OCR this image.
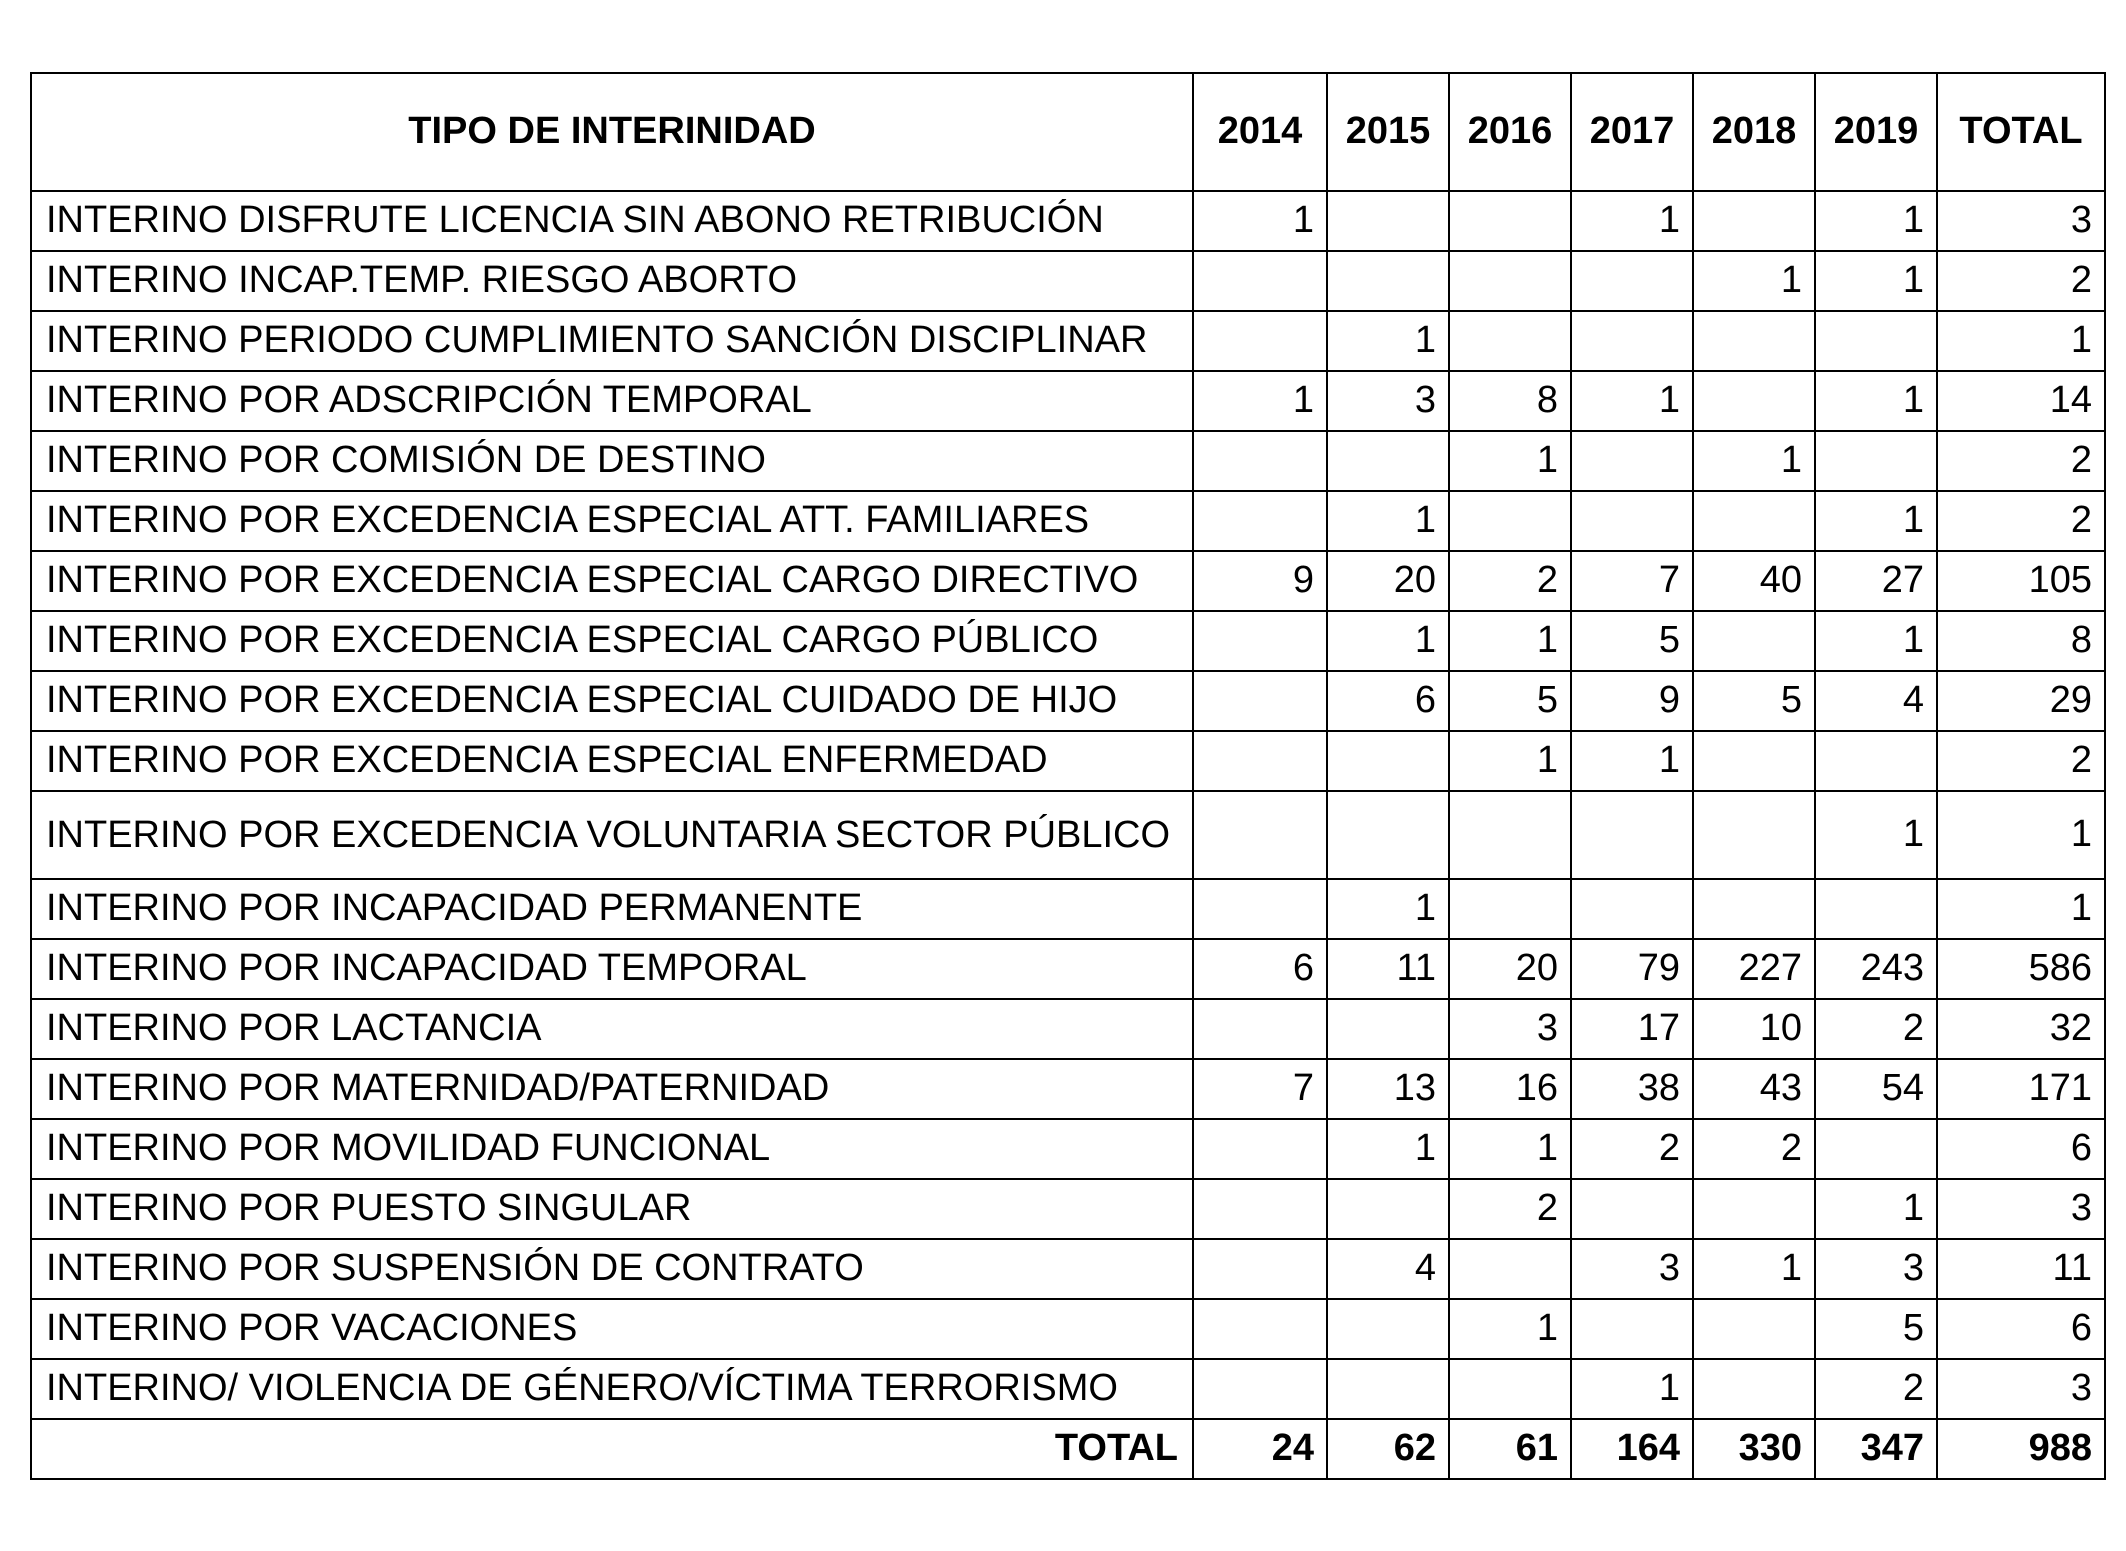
TIPO DE INTERINIDAD	2014	2015	2016	2017	2018	2019	TOTAL
INTERINO DISFRUTE LICENCIA SIN ABONO RETRIBUCIÓN	1			1		1	3
INTERINO INCAP.TEMP. RIESGO ABORTO					1	1	2
INTERINO PERIODO CUMPLIMIENTO SANCIÓN DISCIPLINAR		1					1
INTERINO POR ADSCRIPCIÓN TEMPORAL	1	3	8	1		1	14
INTERINO POR COMISIÓN DE DESTINO			1		1		2
INTERINO POR EXCEDENCIA ESPECIAL ATT. FAMILIARES		1				1	2
INTERINO POR EXCEDENCIA ESPECIAL CARGO DIRECTIVO	9	20	2	7	40	27	105
INTERINO POR EXCEDENCIA ESPECIAL CARGO PÚBLICO		1	1	5		1	8
INTERINO POR EXCEDENCIA ESPECIAL CUIDADO DE HIJO		6	5	9	5	4	29
INTERINO POR EXCEDENCIA ESPECIAL ENFERMEDAD			1	1			2
INTERINO POR EXCEDENCIA VOLUNTARIA SECTOR PÚBLICO						1	1
INTERINO POR INCAPACIDAD PERMANENTE		1					1
INTERINO POR INCAPACIDAD TEMPORAL	6	11	20	79	227	243	586
INTERINO POR LACTANCIA			3	17	10	2	32
INTERINO POR MATERNIDAD/PATERNIDAD	7	13	16	38	43	54	171
INTERINO POR MOVILIDAD FUNCIONAL		1	1	2	2		6
INTERINO POR PUESTO SINGULAR			2			1	3
INTERINO POR SUSPENSIÓN DE CONTRATO		4		3	1	3	11
INTERINO POR VACACIONES			1			5	6
INTERINO/ VIOLENCIA DE GÉNERO/VÍCTIMA TERRORISMO				1		2	3
TOTAL	24	62	61	164	330	347	988
